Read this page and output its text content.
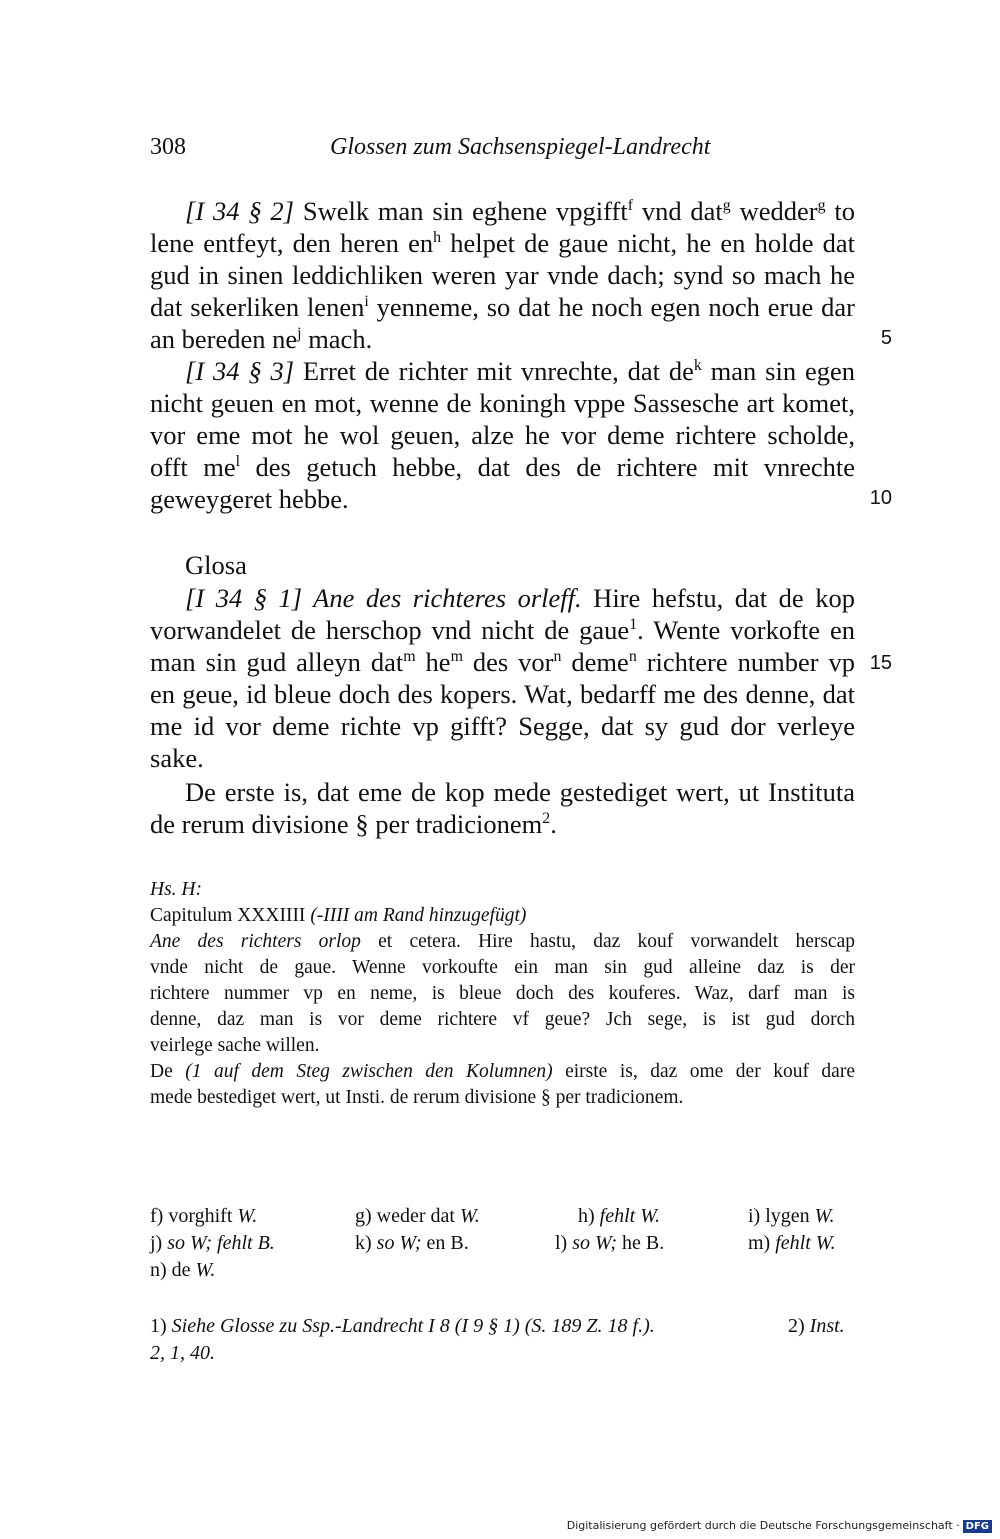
308	Glossen zum Sachsenspiegel-Landrecht
[I 34 § 2] Swelk man sin eghene vpgifft$^f$ vnd dat$^g$ wedder$^g$ to
lene entfeyt, den heren $en^h$ helpet de gaue nicht, he en holde dat
gud in sinen leddichliken weren yar vnde dach; synd so mach he
dat sekerliken lenen$^i$ yenneme, so dat he noch egen noch erue dar
an bereden $ne^j$ mach.
[I 34 § 3] Erret de richter mit vnrechte, dat $de^k$ man sin egen
nicht geuen en mot, wenne de koningh vppe Sassesche art komet,
vor eme mot he wol geuen, alze he vor deme richtere scholde,
offt $me^l$ des getuch hebbe, dat des de richtere mit vnrechte
geweygeret hebbe.
Glosa
[I 34 § 1] Ane des richteres orleff. Hire hefstu, dat de kop
vorwandelet de herschop vnd nicht de gaue$^1$. Wente vorkofte en
man sin gud alleyn dat$^m$ $he^m$ des vor$^n$ deme$^n$ richtere number vp
en geue, id bleue doch des kopers. Wat, bedarff me des denne, dat
me id vor deme richte vp gifft? Segge, dat sy gud dor verleye
sake.
De erste is, dat eme de kop mede gestediget wert, ut Instituta
de rerum divisione § per tradicionem$^2$.
5
10
15
Hs. H:
Capitulum XXXIIII (-IIII am Rand hinzugefügt)
Ane des richters orlop et cetera. Hire hastu, daz kouf vorwandelt herscap
vnde nicht de gaue. Wenne vorkoufte ein man sin gud alleine daz is der
richtere nummer vp en neme, is bleue doch des kouferes. Waz, darf man is
denne, daz man is vor deme richtere vf geue? Jch sege, is ist gud dorch
veirlege sache willen.
De (1 auf dem Steg zwischen den Kolumnen) eirste is, daz ome der kouf dare
mede bestediget wert, ut Insti. de rerum divisione § per tradicionem.
f) vorghift W.	g) weder dat W.	h) fehlt W.	i) lygen W.
j) so W; fehlt B.	k) so W; en B.	l) so W; he B.	m) fehlt W.
n) de W.
1) Siehe Glosse zu Ssp.-Landrecht I 8 (I 9 § 1) (S. 189 Z. 18 f.).	2) Inst.
2, 1, 40.
Digitalisierung gefördert durch die Deutsche Forschungsgemeinschaft · DFG
